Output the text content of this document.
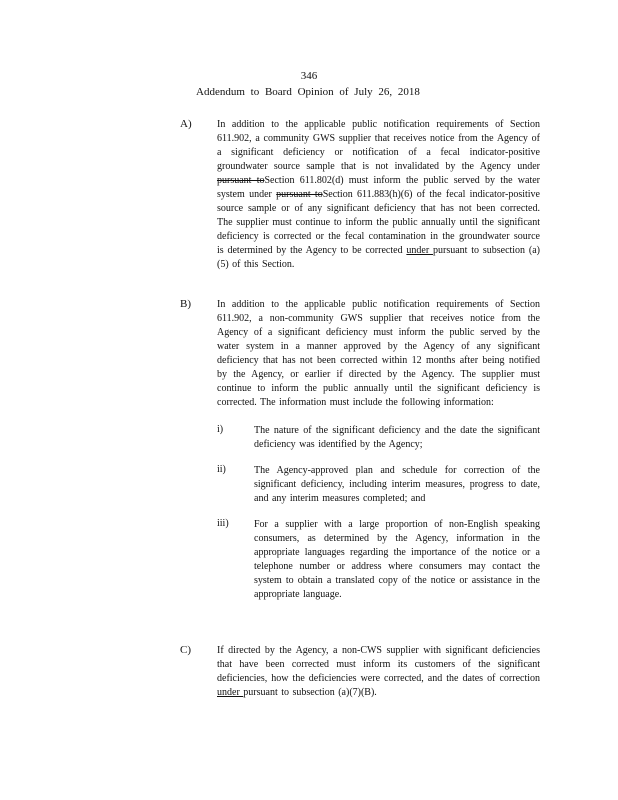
346
Addendum to Board Opinion of July 26, 2018
A)	In addition to the applicable public notification requirements of Section 611.902, a community GWS supplier that receives notice from the Agency of a significant deficiency or notification of a fecal indicator-positive groundwater source sample that is not invalidated by the Agency under pursuant toSection 611.802(d) must inform the public served by the water system under pursuant toSection 611.883(h)(6) of the fecal indicator-positive source sample or of any significant deficiency that has not been corrected. The supplier must continue to inform the public annually until the significant deficiency is corrected or the fecal contamination in the groundwater source is determined by the Agency to be corrected under pursuant to subsection (a)(5) of this Section.
B)	In addition to the applicable public notification requirements of Section 611.902, a non-community GWS supplier that receives notice from the Agency of a significant deficiency must inform the public served by the water system in a manner approved by the Agency of any significant deficiency that has not been corrected within 12 months after being notified by the Agency, or earlier if directed by the Agency. The supplier must continue to inform the public annually until the significant deficiency is corrected. The information must include the following information:
i)	The nature of the significant deficiency and the date the significant deficiency was identified by the Agency;
ii)	The Agency-approved plan and schedule for correction of the significant deficiency, including interim measures, progress to date, and any interim measures completed; and
iii)	For a supplier with a large proportion of non-English speaking consumers, as determined by the Agency, information in the appropriate languages regarding the importance of the notice or a telephone number or address where consumers may contact the system to obtain a translated copy of the notice or assistance in the appropriate language.
C)	If directed by the Agency, a non-CWS supplier with significant deficiencies that have been corrected must inform its customers of the significant deficiencies, how the deficiencies were corrected, and the dates of correction under pursuant to subsection (a)(7)(B).
